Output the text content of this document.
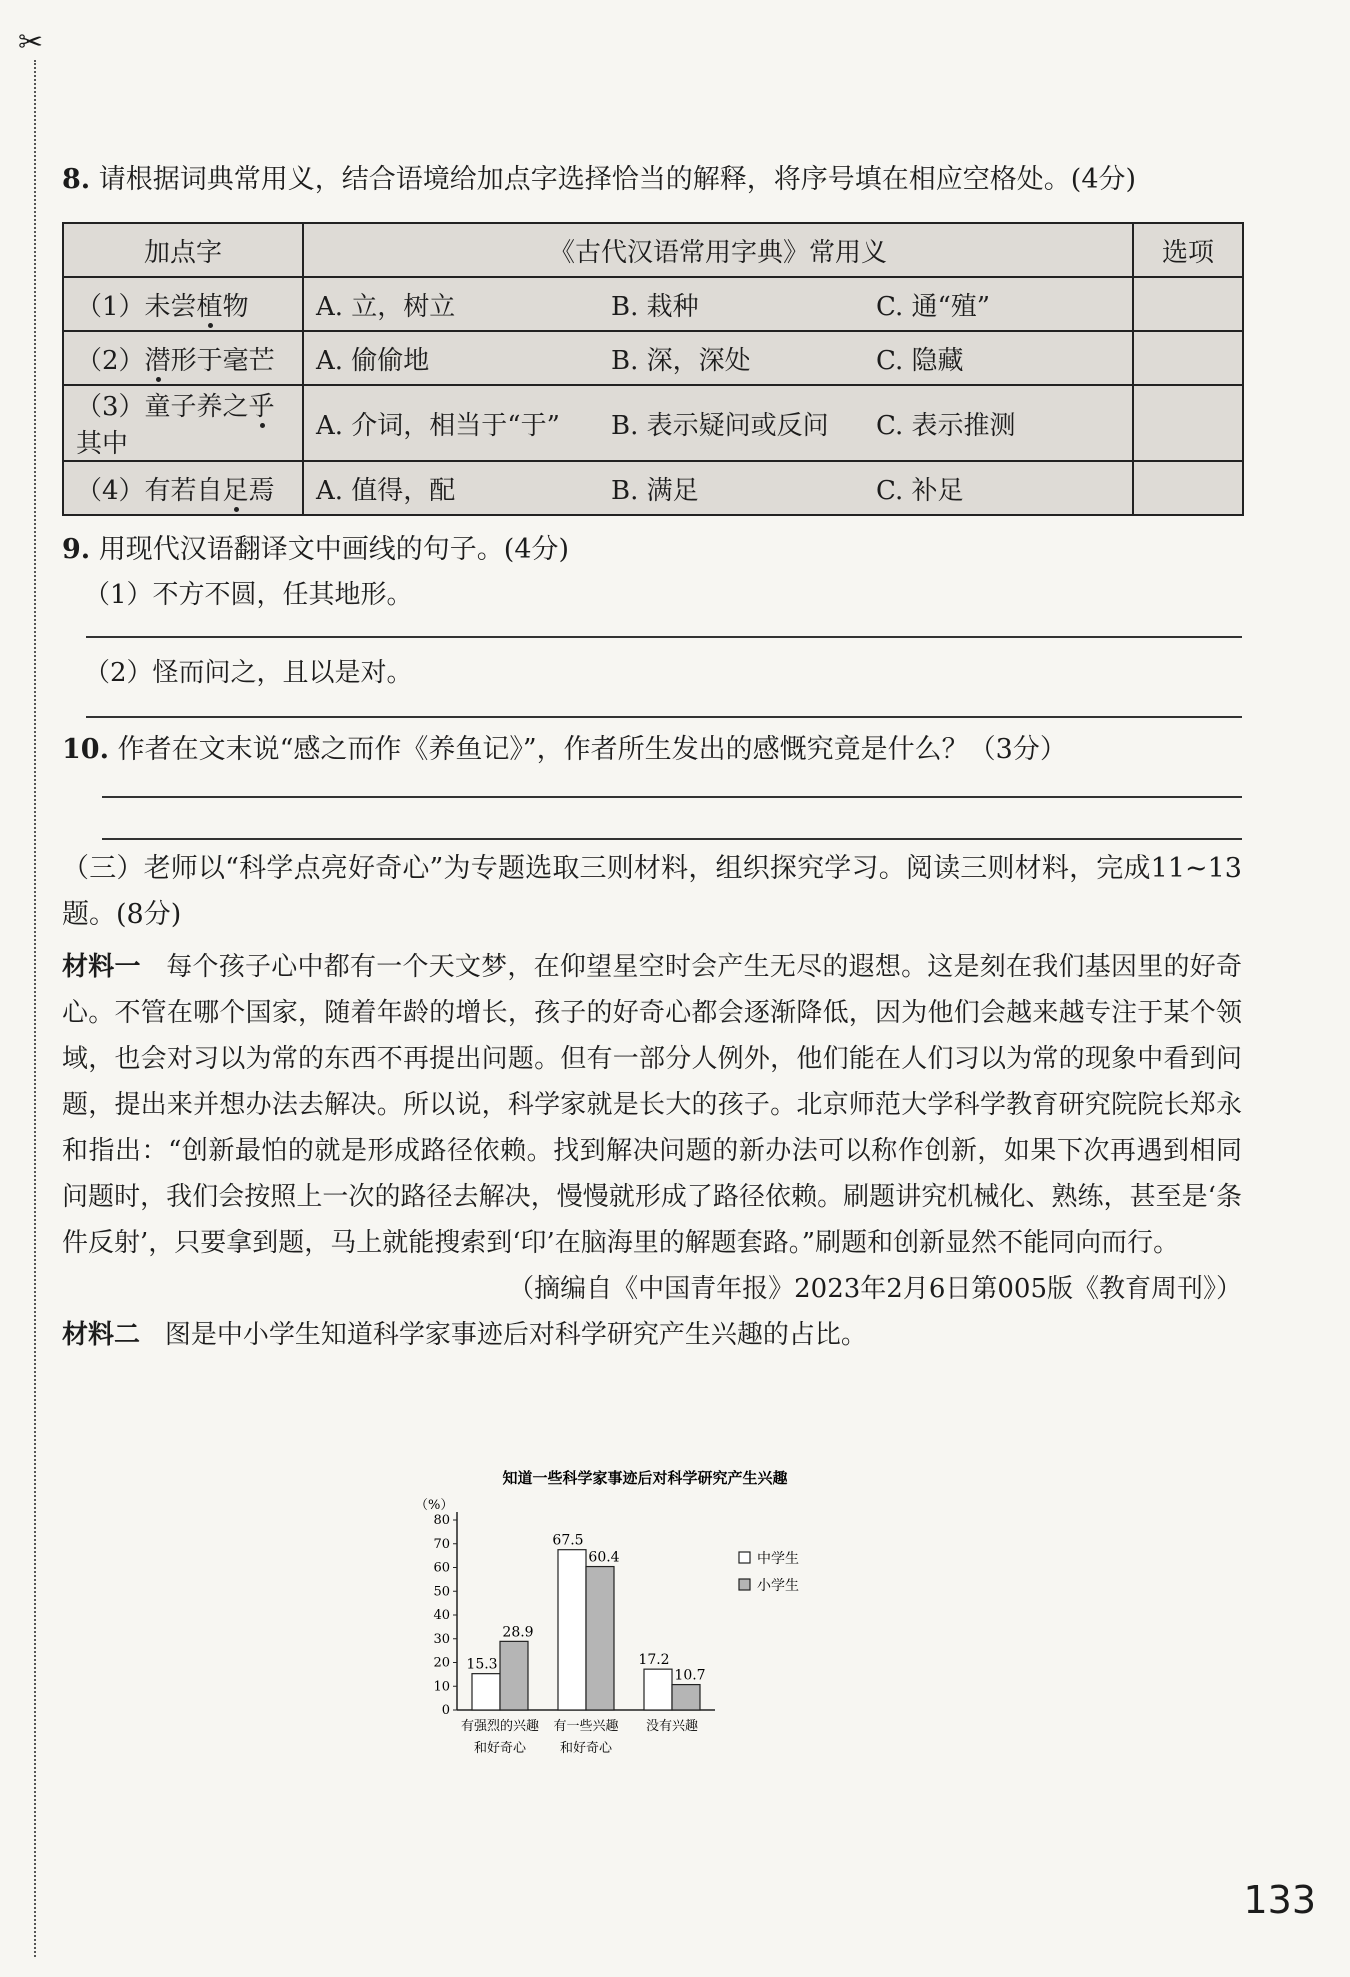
✂

8. 请根据词典常用义，结合语境给加点字选择恰当的解释，将序号填在相应空格处。(4分)

加点字	《古代汉语常用字典》常用义	选项
（1）未尝植物	A. 立，树立 B. 栽种 C. 通“殖”	

（2）潜形于毫芒	A. 偷偷地 B. 深，深处 C. 隐藏	

（3）童子养之乎其中	A. 介词，相当于“于” B. 表示疑问或反问 C. 表示推测	

（4）有若自足焉	A. 值得，配 B. 满足 C. 补足	

9. 用现代汉语翻译文中画线的句子。(4分)

（1）不方不圆，任其地形。
（2）怪而问之，且以是对。

10. 作者在文末说“感之而作《养鱼记》”，作者所生发出的感慨究竟是什么？（3分）

（三）老师以“科学点亮好奇心”为专题选取三则材料，组织探究学习。阅读三则材料，完成11~13题。(8分)

材料一 每个孩子心中都有一个天文梦，在仰望星空时会产生无尽的遐想。这是刻在我们基因里的好奇心。不管在哪个国家，随着年龄的增长，孩子的好奇心都会逐渐降低，因为他们会越来越专注于某个领域，也会对习以为常的东西不再提出问题。但有一部分人例外，他们能在人们习以为常的现象中看到问题，提出来并想办法去解决。所以说，科学家就是长大的孩子。北京师范大学科学教育研究院院长郑永和指出：“创新最怕的就是形成路径依赖。找到解决问题的新办法可以称作创新，如果下次再遇到相同问题时，我们会按照上一次的路径去解决，慢慢就形成了路径依赖。刷题讲究机械化、熟练，甚至是‘条件反射’，只要拿到题，马上就能搜索到‘印’在脑海里的解题套路。”刷题和创新显然不能同向而行。

（摘编自《中国青年报》2023年2月6日第005版《教育周刊》）

材料二 图是中小学生知道科学家事迹后对科学研究产生兴趣的占比。

知道一些科学家事迹后对科学研究产生兴趣
（%）
0
10
20
30
40
50
60
70
80
15.3
28.9
有强烈的兴趣
和好奇心
67.5
60.4
有一些兴趣
和好奇心
17.2
10.7
没有兴趣
中学生
小学生
133
